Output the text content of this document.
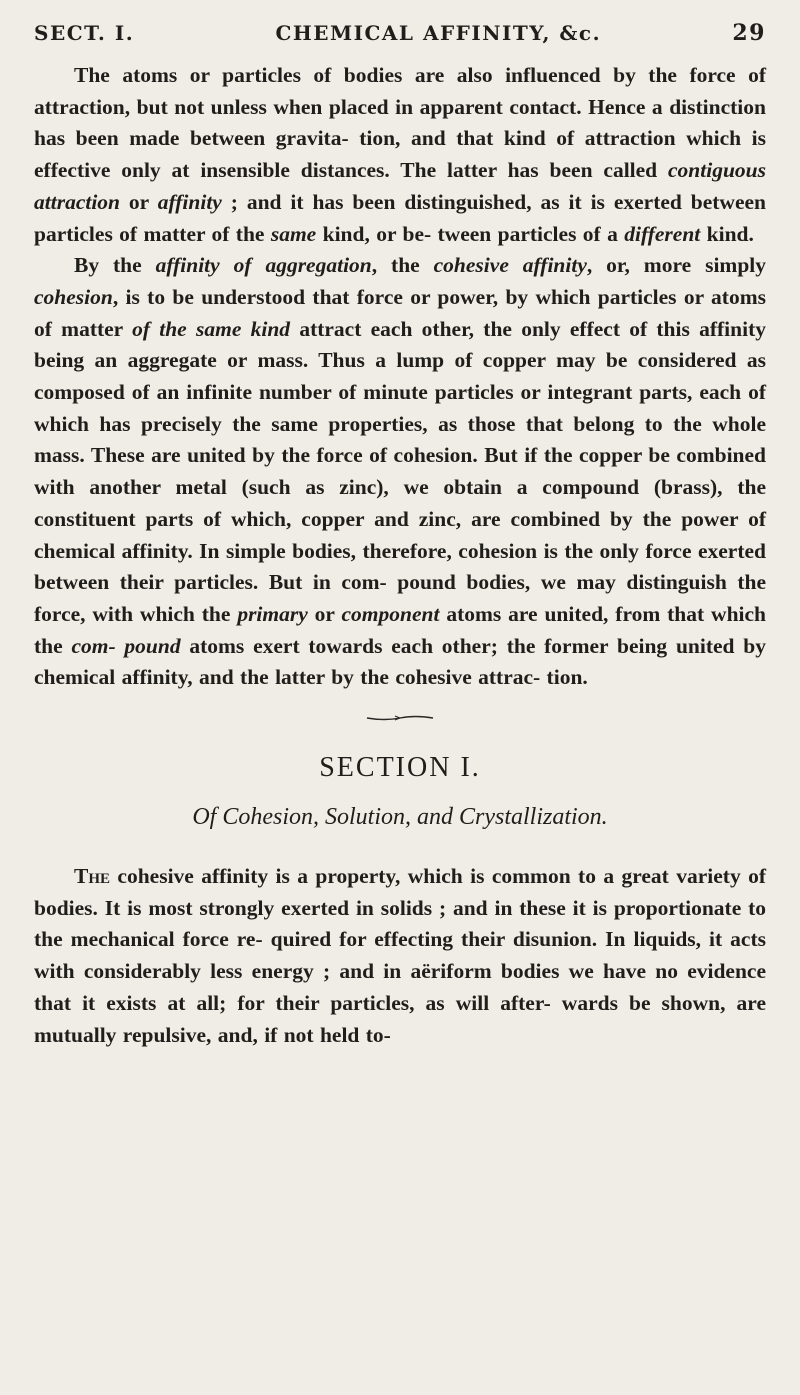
SECT. I.	CHEMICAL AFFINITY, &c.	29

The atoms or particles of bodies are also influenced by the force of attraction, but not unless when placed in apparent contact. Hence a distinction has been made between gravita- tion, and that kind of attraction which is effective only at insensible distances. The latter has been called contiguous attraction or affinity ; and it has been distinguished, as it is exerted between particles of matter of the same kind, or be- tween particles of a different kind.

By the affinity of aggregation, the cohesive affinity, or, more simply cohesion, is to be understood that force or power, by which particles or atoms of matter of the same kind attract each other, the only effect of this affinity being an aggregate or mass. Thus a lump of copper may be considered as composed of an infinite number of minute particles or integrant parts, each of which has precisely the same properties, as those that belong to the whole mass. These are united by the force of cohesion. But if the copper be combined with another metal (such as zinc), we obtain a compound (brass), the constituent parts of which, copper and zinc, are combined by the power of chemical affinity. In simple bodies, therefore, cohesion is the only force exerted between their particles. But in com- pound bodies, we may distinguish the force, with which the primary or component atoms are united, from that which the com- pound atoms exert towards each other; the former being united by chemical affinity, and the latter by the cohesive attrac- tion.

SECTION I.
Of Cohesion, Solution, and Crystallization.

The cohesive affinity is a property, which is common to a great variety of bodies. It is most strongly exerted in solids ; and in these it is proportionate to the mechanical force re- quired for effecting their disunion. In liquids, it acts with considerably less energy ; and in aëriform bodies we have no evidence that it exists at all; for their particles, as will after- wards be shown, are mutually repulsive, and, if not held to-
